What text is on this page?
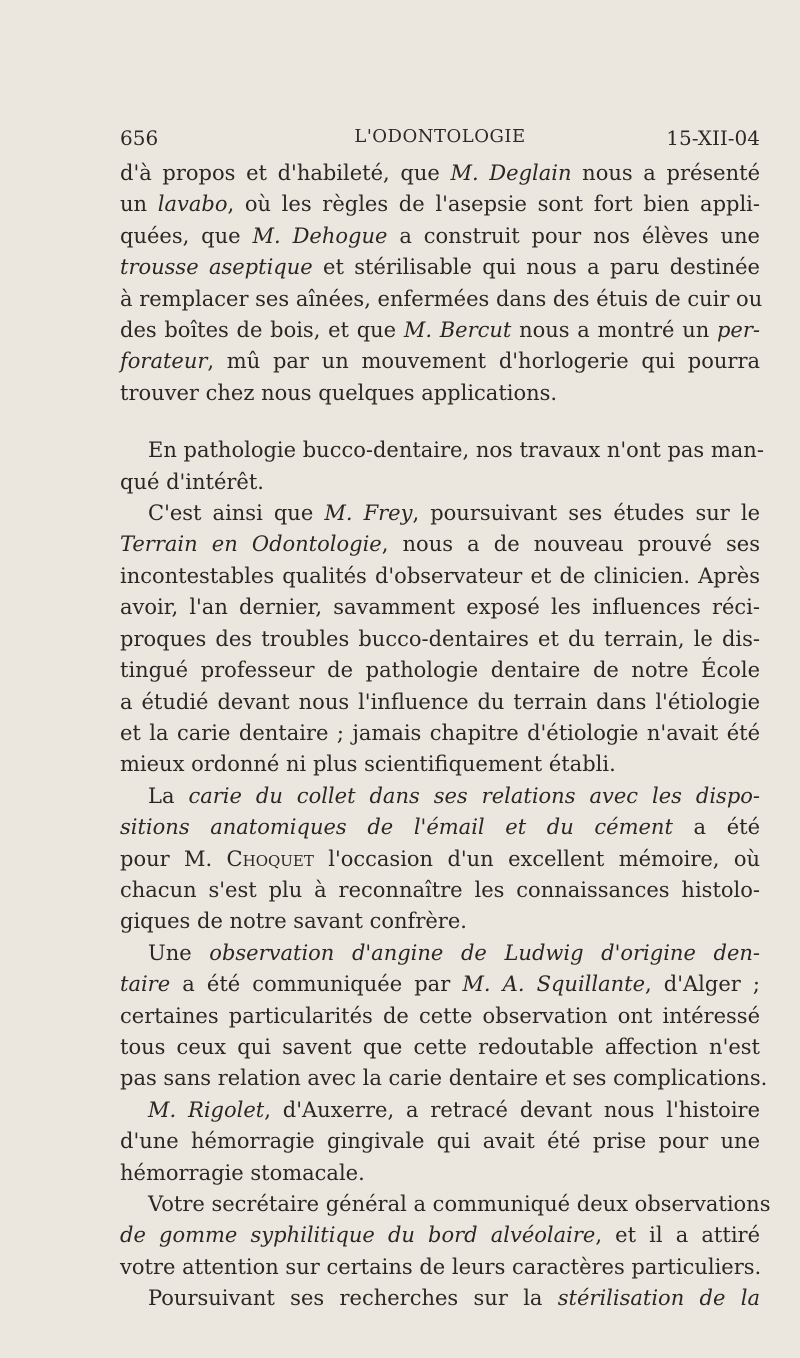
656	L'ODONTOLOGIE	15-XII-04

d'à propos et d'habileté, que M. Deglain nous a présenté
un lavabo, où les règles de l'asepsie sont fort bien appli-
quées, que M. Dehogue a construit pour nos élèves une
trousse aseptique et stérilisable qui nous a paru destinée
à remplacer ses aînées, enfermées dans des étuis de cuir ou
des boîtes de bois, et que M. Bercut nous a montré un per-
forateur, mû par un mouvement d'horlogerie qui pourra
trouver chez nous quelques applications.

En pathologie bucco-dentaire, nos travaux n'ont pas man-
qué d'intérêt.

C'est ainsi que M. Frey, poursuivant ses études sur le
Terrain en Odontologie, nous a de nouveau prouvé ses
incontestables qualités d'observateur et de clinicien. Après
avoir, l'an dernier, savamment exposé les influences réci-
proques des troubles bucco-dentaires et du terrain, le dis-
tingué professeur de pathologie dentaire de notre École
a étudié devant nous l'influence du terrain dans l'étiologie
et la carie dentaire ; jamais chapitre d'étiologie n'avait été
mieux ordonné ni plus scientifiquement établi.

La carie du collet dans ses relations avec les dispo-
sitions anatomiques de l'émail et du cément a été
pour M. Choquet l'occasion d'un excellent mémoire, où
chacun s'est plu à reconnaître les connaissances histolo-
giques de notre savant confrère.

Une observation d'angine de Ludwig d'origine den-
taire a été communiquée par M. A. Squillante, d'Alger ;
certaines particularités de cette observation ont intéressé
tous ceux qui savent que cette redoutable affection n'est
pas sans relation avec la carie dentaire et ses complications.

M. Rigolet, d'Auxerre, a retracé devant nous l'histoire
d'une hémorragie gingivale qui avait été prise pour une
hémorragie stomacale.

Votre secrétaire général a communiqué deux observations
de gomme syphilitique du bord alvéolaire, et il a attiré
votre attention sur certains de leurs caractères particuliers.

Poursuivant ses recherches sur la stérilisation de la
